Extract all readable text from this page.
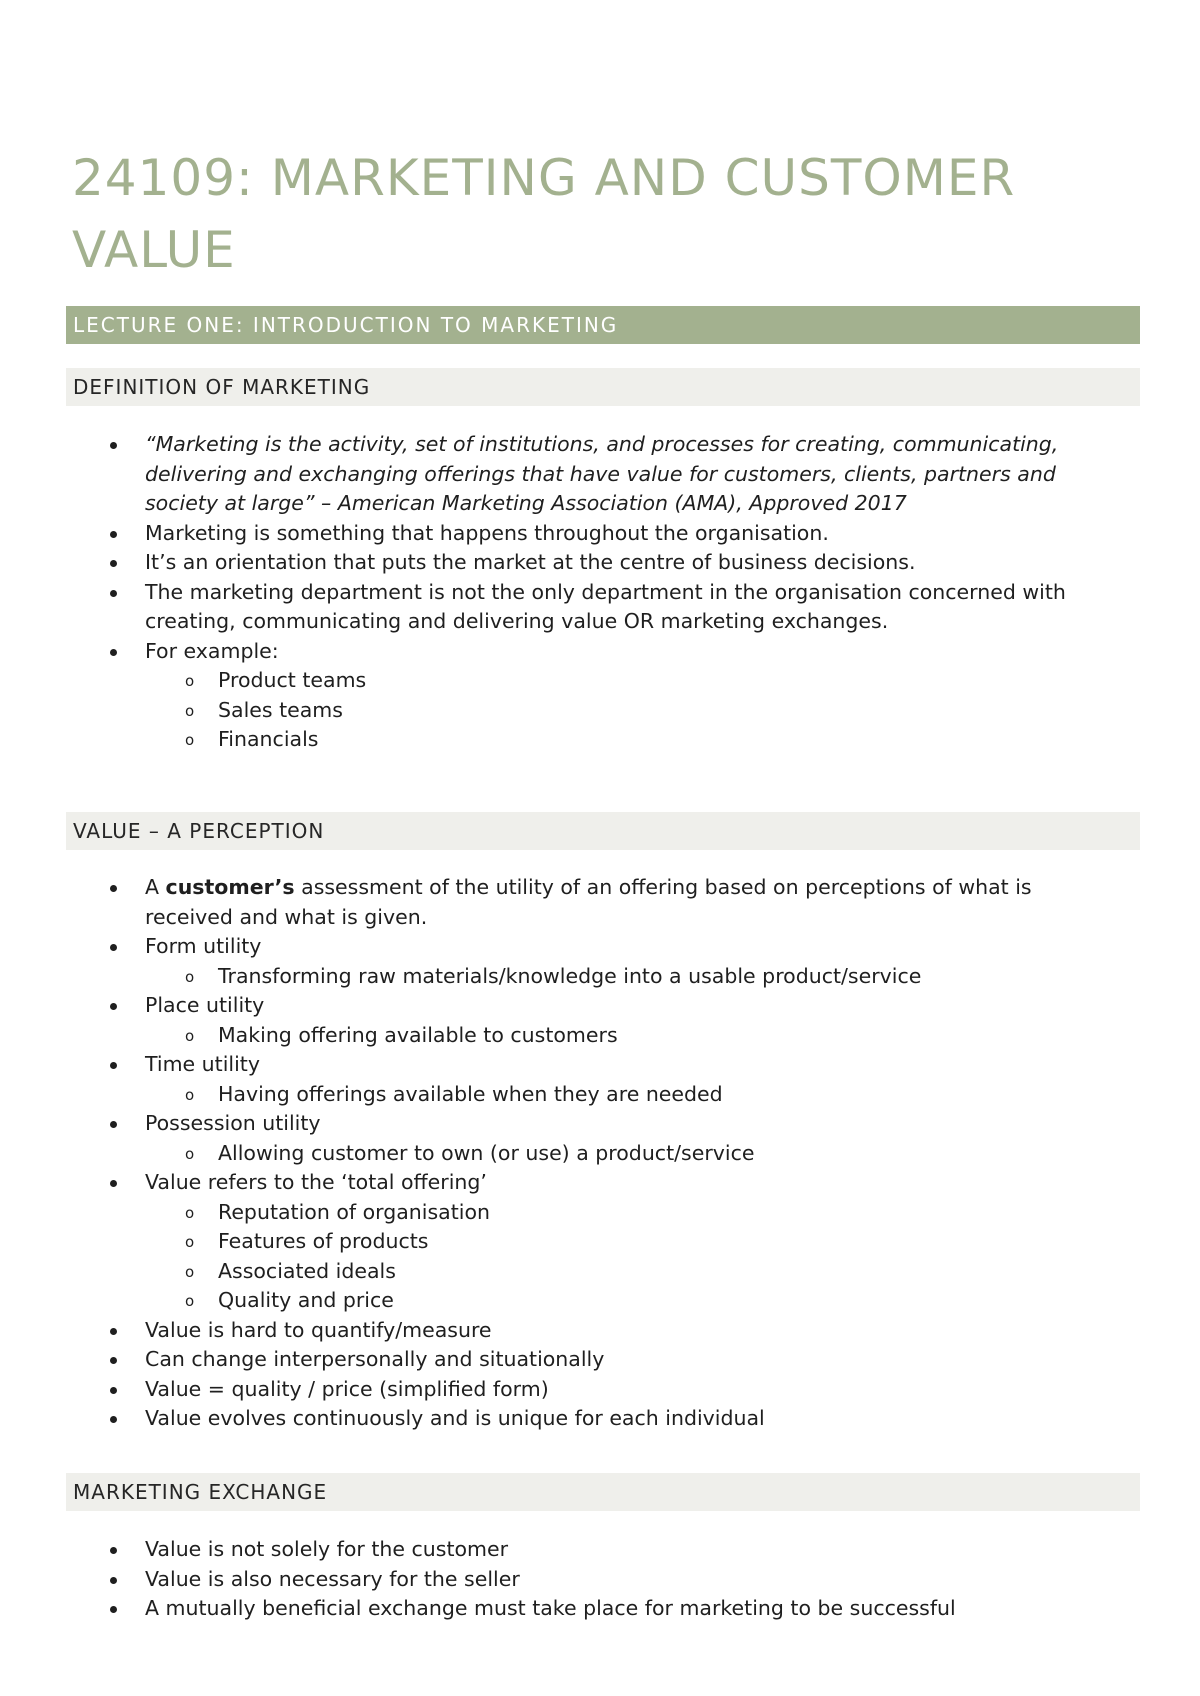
24109: MARKETING AND CUSTOMER VALUE
LECTURE ONE: INTRODUCTION TO MARKETING
DEFINITION OF MARKETING
“Marketing is the activity, set of institutions, and processes for creating, communicating, delivering and exchanging offerings that have value for customers, clients, partners and society at large” – American Marketing Association (AMA), Approved 2017
Marketing is something that happens throughout the organisation.
It’s an orientation that puts the market at the centre of business decisions.
The marketing department is not the only department in the organisation concerned with creating, communicating and delivering value OR marketing exchanges.
For example:
o Product teams
o Sales teams
o Financials
VALUE – A PERCEPTION
A customer’s assessment of the utility of an offering based on perceptions of what is received and what is given.
Form utility
o Transforming raw materials/knowledge into a usable product/service
Place utility
o Making offering available to customers
Time utility
o Having offerings available when they are needed
Possession utility
o Allowing customer to own (or use) a product/service
Value refers to the ‘total offering’
o Reputation of organisation
o Features of products
o Associated ideals
o Quality and price
Value is hard to quantify/measure
Can change interpersonally and situationally
Value = quality / price (simplified form)
Value evolves continuously and is unique for each individual
MARKETING EXCHANGE
Value is not solely for the customer
Value is also necessary for the seller
A mutually beneficial exchange must take place for marketing to be successful
